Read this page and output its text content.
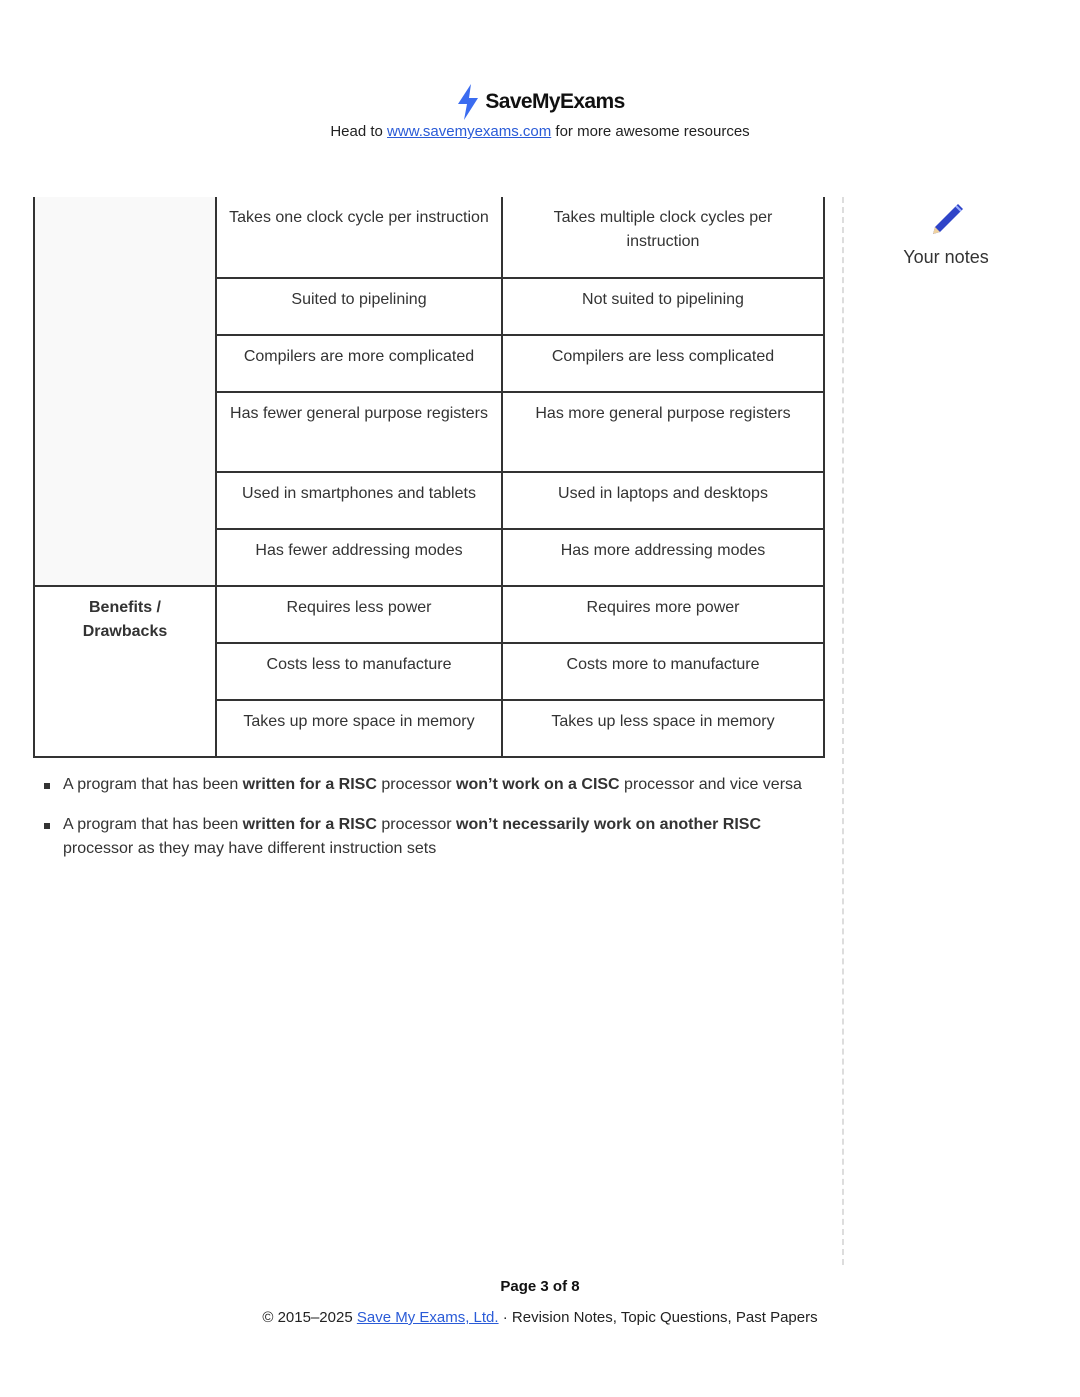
SaveMyExams
Head to www.savemyexams.com for more awesome resources
	Takes one clock cycle per instruction	Takes multiple clock cycles per instruction
	Suited to pipelining	Not suited to pipelining
	Compilers are more complicated	Compilers are less complicated
	Has fewer general purpose registers	Has more general purpose registers
	Used in smartphones and tablets	Used in laptops and desktops
	Has fewer addressing modes	Has more addressing modes
Benefits / Drawbacks	Requires less power	Requires more power
	Costs less to manufacture	Costs more to manufacture
	Takes up more space in memory	Takes up less space in memory
A program that has been written for a RISC processor won’t work on a CISC processor and vice versa
A program that has been written for a RISC processor won’t necessarily work on another RISC processor as they may have different instruction sets
Your notes
Page 3 of 8
© 2015–2025 Save My Exams, Ltd. · Revision Notes, Topic Questions, Past Papers
